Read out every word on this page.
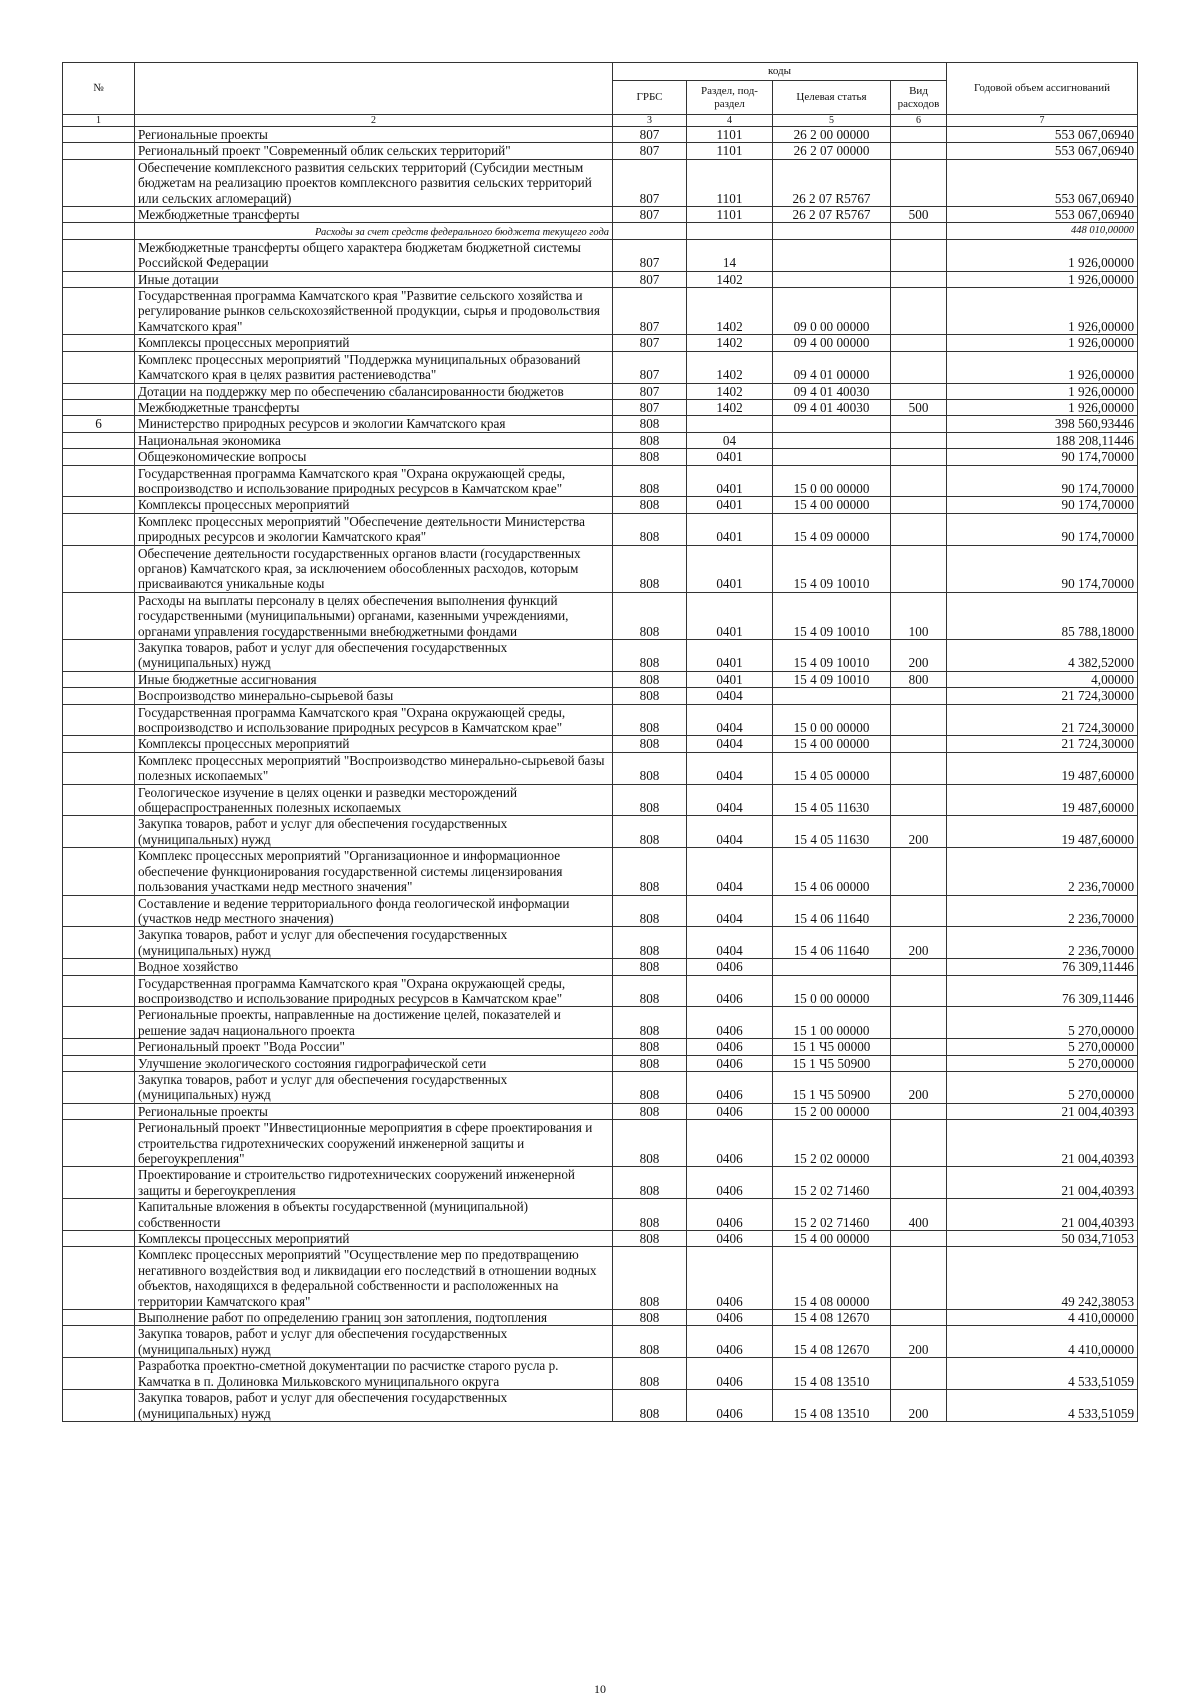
№		коды				Годовой объем ассигнований
		ГРБС	Раздел, под-раздел	Целевая статья	Вид расходов	
1	2	3	4	5	6	7
	Региональные проекты	807	1101	26 2 00 00000		553 067,06940
	Региональный проект "Современный облик сельских территорий"	807	1101	26 2 07 00000		553 067,06940
	Обеспечение комплексного развития сельских территорий (Субсидии местным бюджетам на реализацию проектов комплексного развития сельских территорий или сельских агломераций)	807	1101	26 2 07 R5767		553 067,06940
	Межбюджетные трансферты	807	1101	26 2 07 R5767	500	553 067,06940
	Расходы за счет средств федерального бюджета текущего года					448 010,00000
	Межбюджетные трансферты общего характера бюджетам бюджетной системы Российской Федерации	807	14			1 926,00000
	Иные дотации	807	1402			1 926,00000
	Государственная программа Камчатского края "Развитие сельского хозяйства и регулирование рынков сельскохозяйственной продукции, сырья и продовольствия Камчатского края"	807	1402	09 0 00 00000		1 926,00000
	Комплексы процессных мероприятий	807	1402	09 4 00 00000		1 926,00000
	Комплекс процессных мероприятий "Поддержка муниципальных образований Камчатского края в целях развития растениеводства"	807	1402	09 4 01 00000		1 926,00000
	Дотации на поддержку мер по обеспечению сбалансированности бюджетов	807	1402	09 4 01 40030		1 926,00000
	Межбюджетные трансферты	807	1402	09 4 01 40030	500	1 926,00000
6	Министерство природных ресурсов и экологии Камчатского края	808				398 560,93446
	Национальная экономика	808	04			188 208,11446
	Общеэкономические вопросы	808	0401			90 174,70000
	Государственная программа Камчатского края "Охрана окружающей среды, воспроизводство и использование природных ресурсов в Камчатском крае"	808	0401	15 0 00 00000		90 174,70000
	Комплексы процессных мероприятий	808	0401	15 4 00 00000		90 174,70000
	Комплекс процессных мероприятий "Обеспечение деятельности Министерства природных ресурсов и экологии Камчатского края"	808	0401	15 4 09 00000		90 174,70000
	Обеспечение деятельности государственных органов власти (государственных органов) Камчатского края, за исключением обособленных расходов, которым присваиваются уникальные коды	808	0401	15 4 09 10010		90 174,70000
	Расходы на выплаты персоналу в целях обеспечения выполнения функций государственными (муниципальными) органами, казенными учреждениями, органами управления государственными внебюджетными фондами	808	0401	15 4 09 10010	100	85 788,18000
	Закупка товаров, работ и услуг для обеспечения государственных (муниципальных) нужд	808	0401	15 4 09 10010	200	4 382,52000
	Иные бюджетные ассигнования	808	0401	15 4 09 10010	800	4,00000
	Воспроизводство минерально-сырьевой базы	808	0404			21 724,30000
	Государственная программа Камчатского края "Охрана окружающей среды, воспроизводство и использование природных ресурсов в Камчатском крае"	808	0404	15 0 00 00000		21 724,30000
	Комплексы процессных мероприятий	808	0404	15 4 00 00000		21 724,30000
	Комплекс процессных мероприятий "Воспроизводство минерально-сырьевой базы полезных ископаемых"	808	0404	15 4 05 00000		19 487,60000
	Геологическое изучение в целях оценки и разведки месторождений общераспространенных полезных ископаемых	808	0404	15 4 05 11630		19 487,60000
	Закупка товаров, работ и услуг для обеспечения государственных (муниципальных) нужд	808	0404	15 4 05 11630	200	19 487,60000
	Комплекс процессных мероприятий "Организационное и информационное обеспечение функционирования государственной системы лицензирования пользования участками недр местного значения"	808	0404	15 4 06 00000		2 236,70000
	Составление и ведение территориального фонда геологической информации (участков недр местного значения)	808	0404	15 4 06 11640		2 236,70000
	Закупка товаров, работ и услуг для обеспечения государственных (муниципальных) нужд	808	0404	15 4 06 11640	200	2 236,70000
	Водное хозяйство	808	0406			76 309,11446
	Государственная программа Камчатского края "Охрана окружающей среды, воспроизводство и использование природных ресурсов в Камчатском крае"	808	0406	15 0 00 00000		76 309,11446
	Региональные проекты, направленные на достижение целей, показателей и решение задач национального проекта	808	0406	15 1 00 00000		5 270,00000
	Региональный проект "Вода России"	808	0406	15 1 Ч5 00000		5 270,00000
	Улучшение экологического состояния гидрографической сети	808	0406	15 1 Ч5 50900		5 270,00000
	Закупка товаров, работ и услуг для обеспечения государственных (муниципальных) нужд	808	0406	15 1 Ч5 50900	200	5 270,00000
	Региональные проекты	808	0406	15 2 00 00000		21 004,40393
	Региональный проект "Инвестиционные мероприятия в сфере проектирования и строительства гидротехнических сооружений инженерной защиты и берегоукрепления"	808	0406	15 2 02 00000		21 004,40393
	Проектирование и строительство гидротехнических сооружений инженерной защиты и берегоукрепления	808	0406	15 2 02 71460		21 004,40393
	Капитальные вложения в объекты государственной (муниципальной) собственности	808	0406	15 2 02 71460	400	21 004,40393
	Комплексы процессных мероприятий	808	0406	15 4 00 00000		50 034,71053
	Комплекс процессных мероприятий "Осуществление мер по предотвращению негативного воздействия вод и ликвидации его последствий в отношении водных объектов, находящихся в федеральной собственности и расположенных на территории Камчатского края"	808	0406	15 4 08 00000		49 242,38053
	Выполнение работ по определению границ зон затопления, подтопления	808	0406	15 4 08 12670		4 410,00000
	Закупка товаров, работ и услуг для обеспечения государственных (муниципальных) нужд	808	0406	15 4 08 12670	200	4 410,00000
	Разработка проектно-сметной документации по расчистке старого русла р. Камчатка в п. Долиновка Мильковского муниципального округа	808	0406	15 4 08 13510		4 533,51059
	Закупка товаров, работ и услуг для обеспечения государственных (муниципальных) нужд	808	0406	15 4 08 13510	200	4 533,51059
10
